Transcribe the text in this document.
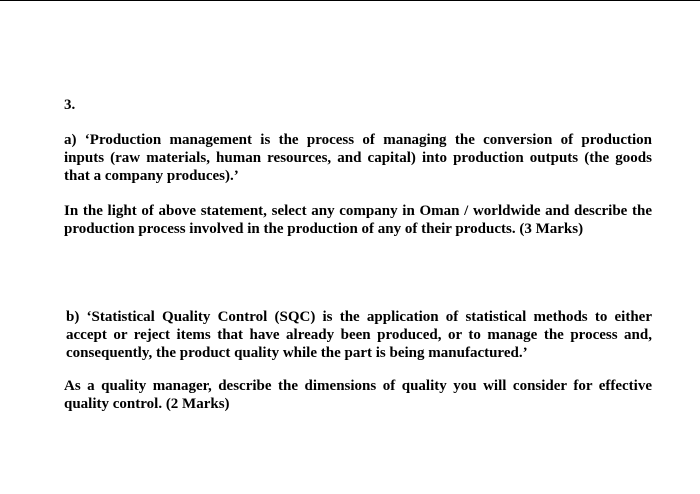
3.
a) ‘Production management is the process of managing the conversion of production
inputs (raw materials, human resources, and capital) into production outputs (the goods
that a company produces).’
In the light of above statement, select any company in Oman / worldwide and describe the
production process involved in the production of any of their products. (3 Marks)
b) ‘Statistical Quality Control (SQC) is the application of statistical methods to either
accept or reject items that have already been produced, or to manage the process and,
consequently, the product quality while the part is being manufactured.’
As a quality manager, describe the dimensions of quality you will consider for effective
quality control. (2 Marks)
